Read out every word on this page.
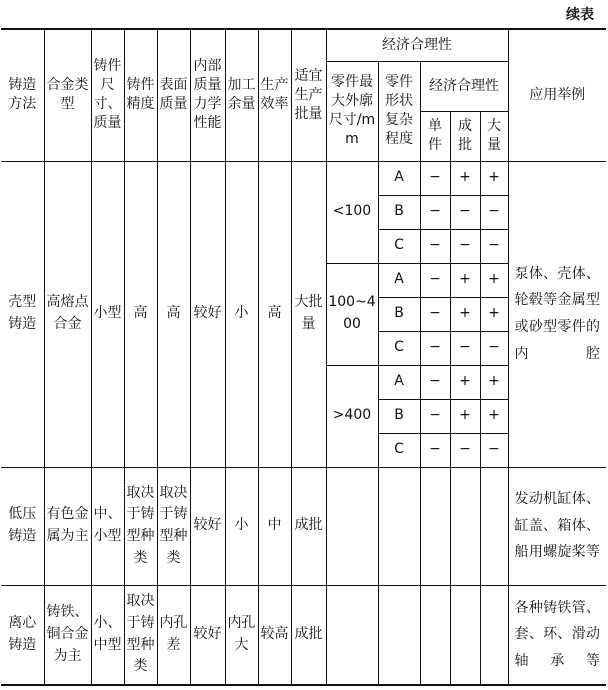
续表
铸造方法	合金类型	铸件尺寸、质量	铸件精度	表面质量	内部质量力学性能	加工余量	生产效率	适宜生产批量	经济合理性					应用举例
									零件最大外廓尺寸/mm	零件形状复杂程度	经济合理性			
											单件	成批	大量	
壳型铸造	高熔点合金	小型	高	高	较好	小	高	大批量	<100	A	−	+	+	泵体、壳体、轮毂等金属型或砂型零件的内腔
										B	−	−	−	
										C	−	−	−	
									100~400	A	−	+	+	
										B	−	+	+	
										C	−	−	−	
									>400	A	−	+	+	
										B	−	+	+	
										C	−	−	−	
低压铸造	有色金属为主	中、小型	取决于铸型种类	取决于铸型种类	较好	小	中	成批						发动机缸体、缸盖、箱体、船用螺旋桨等
离心铸造	铸铁、铜合金为主	小、中型	取决于铸型种类	内孔差	较好	内孔大	较高	成批						各种铸铁管、套、环、滑动轴承等
